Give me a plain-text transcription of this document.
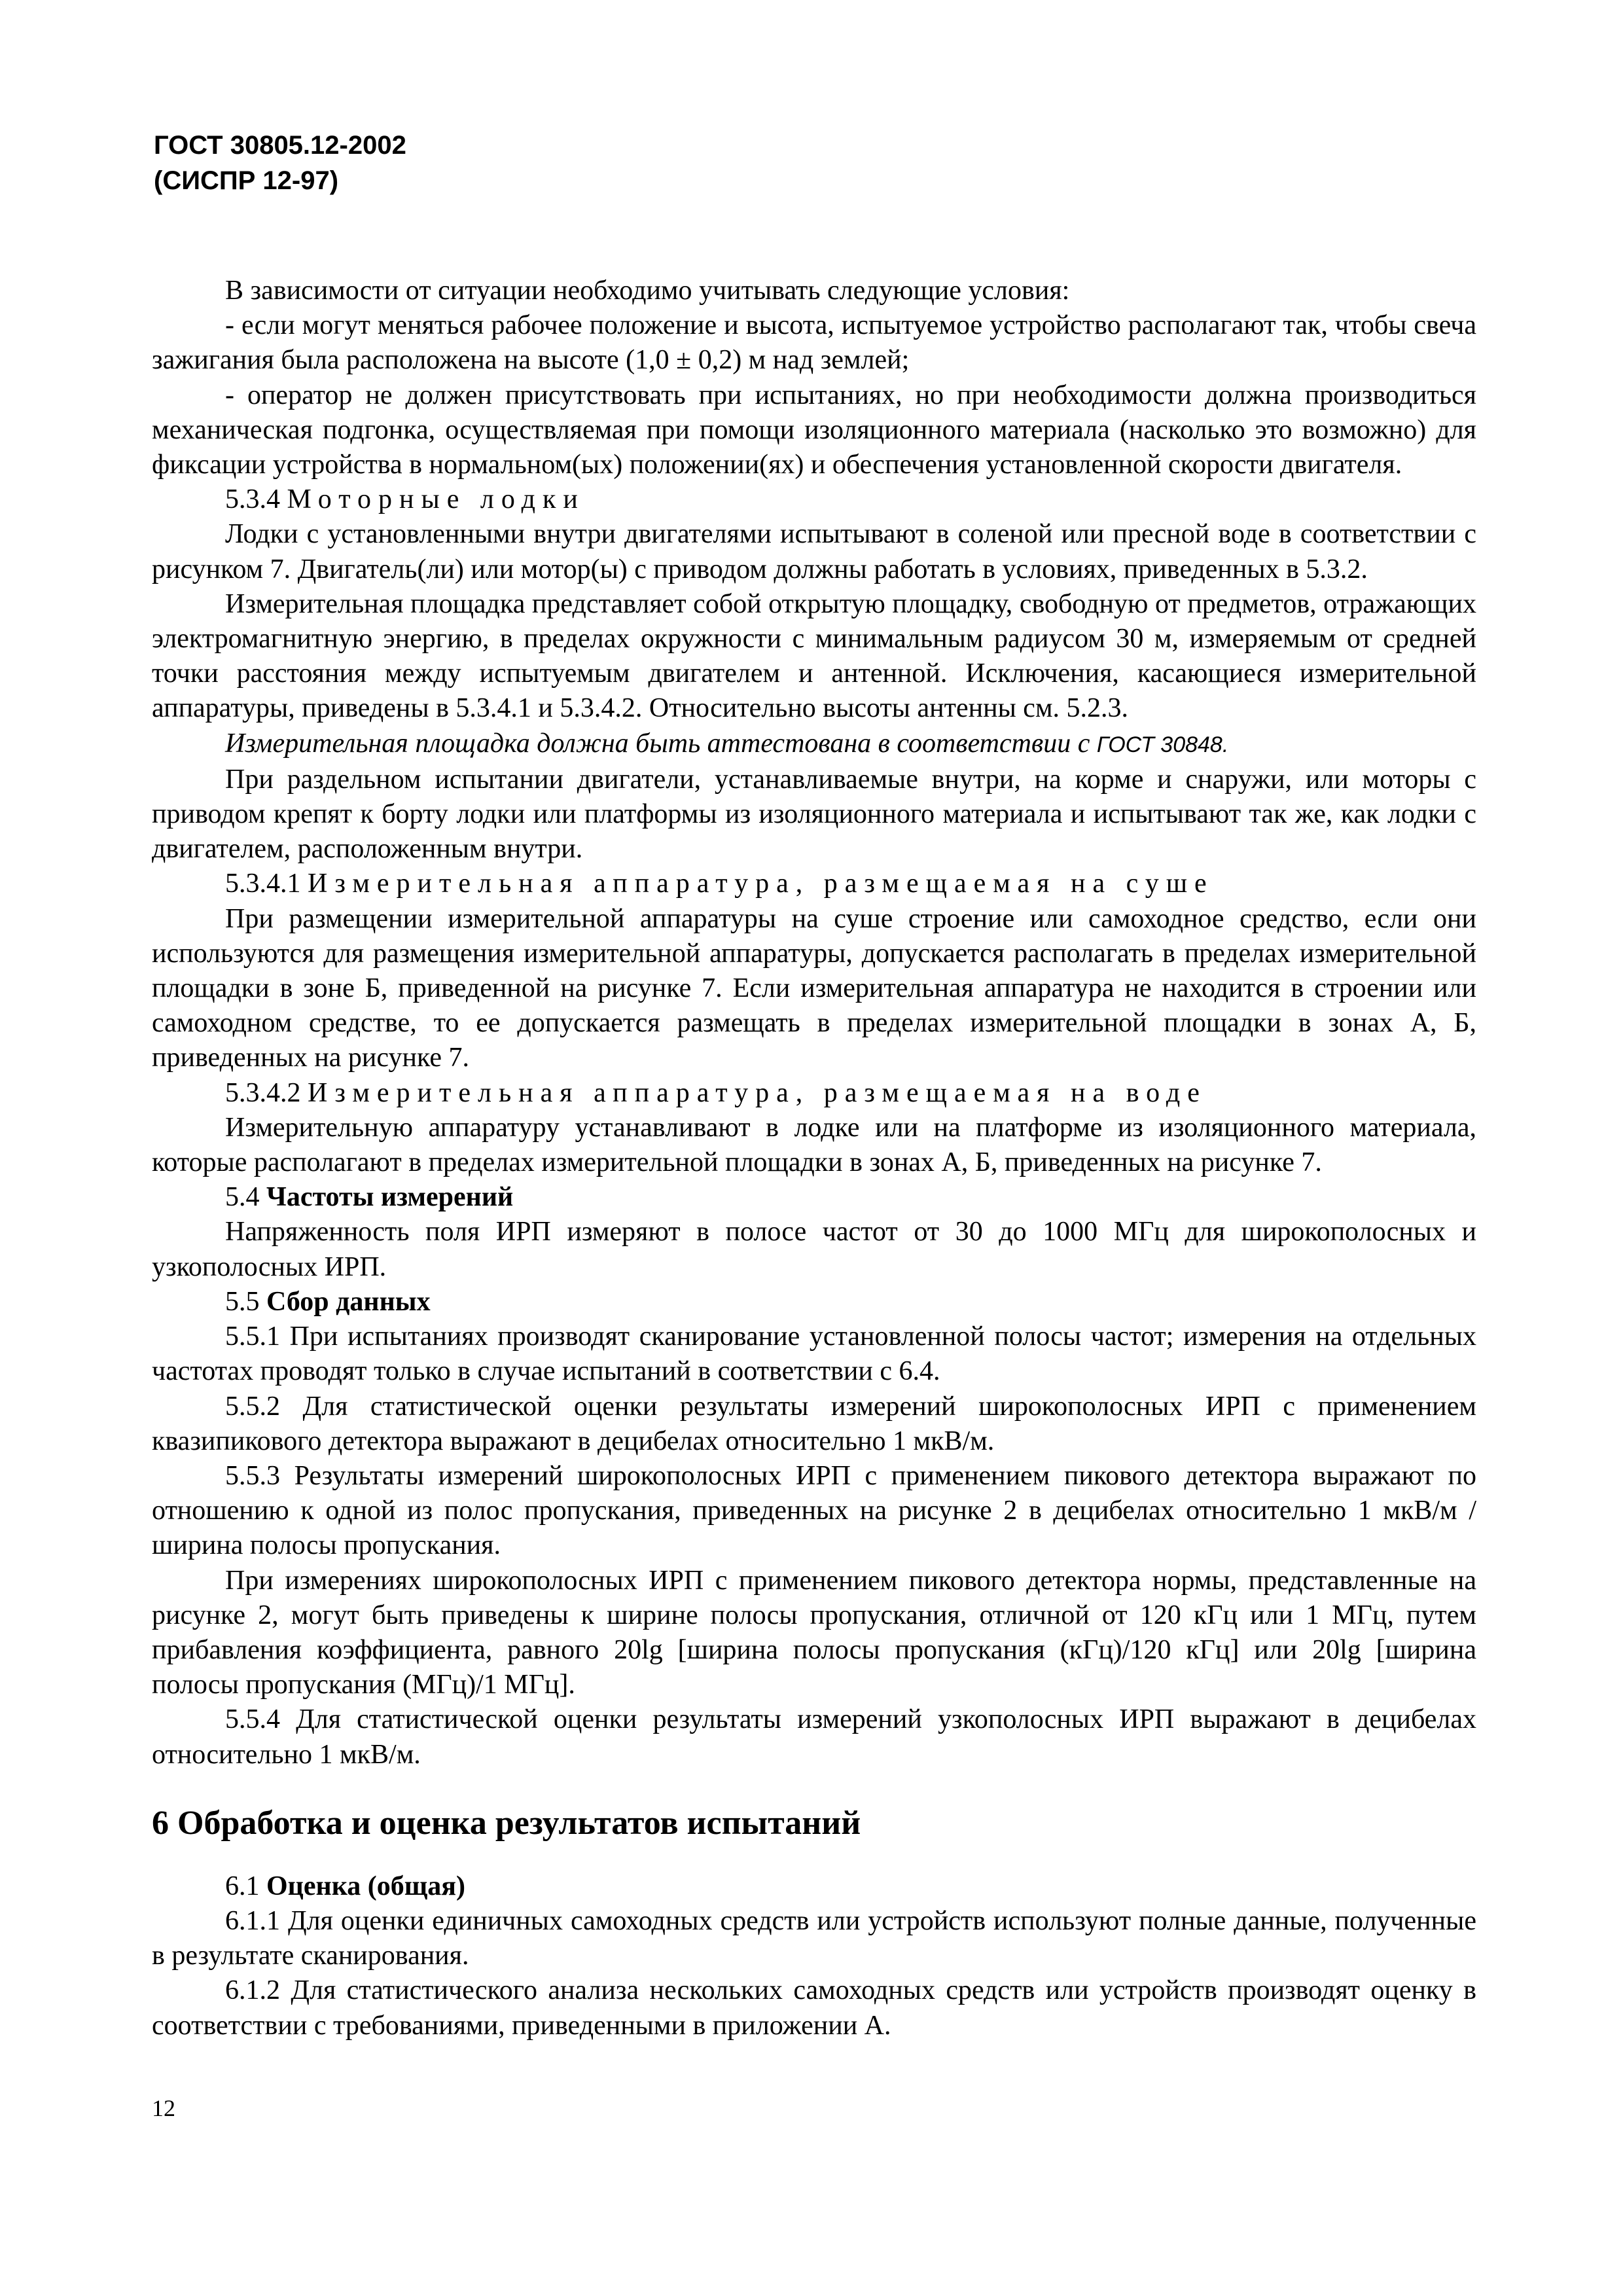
ГОСТ 30805.12-2002
(СИСПР 12-97)

В зависимости от ситуации необходимо учитывать следующие условия:

- если могут меняться рабочее положение и высота, испытуемое устройство располагают так, чтобы свеча зажигания была расположена на высоте (1,0 ± 0,2) м над землей;

- оператор не должен присутствовать при испытаниях, но при необходимости должна производиться механическая подгонка, осуществляемая при помощи изоляционного материала (насколько это возможно) для фиксации устройства в нормальном(ых) положении(ях) и обеспечения установленной скорости двигателя.

5.3.4 Моторные лодки

Лодки с установленными внутри двигателями испытывают в соленой или пресной воде в соответствии с рисунком 7. Двигатель(ли) или мотор(ы) с приводом должны работать в условиях, приведенных в 5.3.2.

Измерительная площадка представляет собой открытую площадку, свободную от предметов, отражающих электромагнитную энергию, в пределах окружности с минимальным радиусом 30 м, измеряемым от средней точки расстояния между испытуемым двигателем и антенной. Исключения, касающиеся измерительной аппаратуры, приведены в 5.3.4.1 и 5.3.4.2. Относительно высоты антенны см. 5.2.3.

Измерительная площадка должна быть аттестована в соответствии с ГОСТ 30848.

При раздельном испытании двигатели, устанавливаемые внутри, на корме и снаружи, или моторы с приводом крепят к борту лодки или платформы из изоляционного материала и испытывают так же, как лодки с двигателем, расположенным внутри.

5.3.4.1 Измерительная аппаратура, размещаемая на суше

При размещении измерительной аппаратуры на суше строение или самоходное средство, если они используются для размещения измерительной аппаратуры, допускается располагать в пределах измерительной площадки в зоне Б, приведенной на рисунке 7. Если измерительная аппаратура не находится в строении или самоходном средстве, то ее допускается размещать в пределах измерительной площадки в зонах А, Б, приведенных на рисунке 7.

5.3.4.2 Измерительная аппаратура, размещаемая на воде

Измерительную аппаратуру устанавливают в лодке или на платформе из изоляционного материала, которые располагают в пределах измерительной площадки в зонах А, Б, приведенных на рисунке 7.

5.4 Частоты измерений

Напряженность поля ИРП измеряют в полосе частот от 30 до 1000 МГц для широкополосных и узкополосных ИРП.

5.5 Сбор данных

5.5.1 При испытаниях производят сканирование установленной полосы частот; измерения на отдельных частотах проводят только в случае испытаний в соответствии с 6.4.

5.5.2 Для статистической оценки результаты измерений широкополосных ИРП с применением квазипикового детектора выражают в децибелах относительно 1 мкВ/м.

5.5.3 Результаты измерений широкополосных ИРП с применением пикового детектора выражают по отношению к одной из полос пропускания, приведенных на рисунке 2 в децибелах относительно 1 мкВ/м / ширина полосы пропускания.

При измерениях широкополосных ИРП с применением пикового детектора нормы, представленные на рисунке 2, могут быть приведены к ширине полосы пропускания, отличной от 120 кГц или 1 МГц, путем прибавления коэффициента, равного 20lg [ширина полосы пропускания (кГц)/120 кГц] или 20lg [ширина полосы пропускания (МГц)/1 МГц].

5.5.4 Для статистической оценки результаты измерений узкополосных ИРП выражают в децибелах относительно 1 мкВ/м.

6 Обработка и оценка результатов испытаний

6.1 Оценка (общая)

6.1.1 Для оценки единичных самоходных средств или устройств используют полные данные, полученные в результате сканирования.

6.1.2 Для статистического анализа нескольких самоходных средств или устройств производят оценку в соответствии с требованиями, приведенными в приложении А.

12
